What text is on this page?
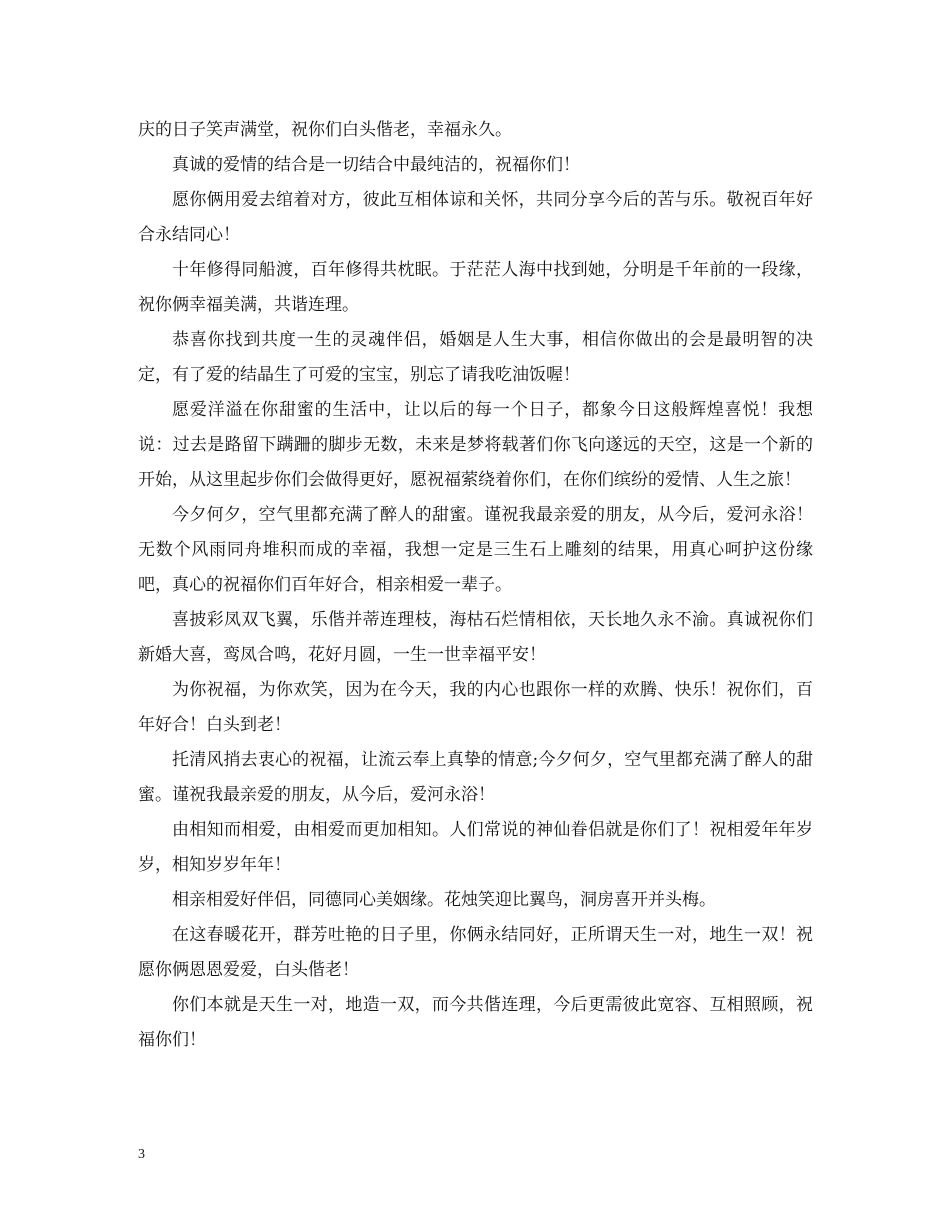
庆的日子笑声满堂，祝你们白头偕老，幸福永久。

真诚的爱情的结合是一切结合中最纯洁的，祝福你们！

愿你俩用爱去绾着对方，彼此互相体谅和关怀，共同分享今后的苦与乐。敬祝百年好合永结同心！

十年修得同船渡，百年修得共枕眠。于茫茫人海中找到她，分明是千年前的一段缘，祝你俩幸福美满，共谐连理。

恭喜你找到共度一生的灵魂伴侣，婚姻是人生大事，相信你做出的会是最明智的决定，有了爱的结晶生了可爱的宝宝，别忘了请我吃油饭喔！

愿爱洋溢在你甜蜜的生活中，让以后的每一个日子，都象今日这般辉煌喜悦！我想说：过去是路留下蹒跚的脚步无数，未来是梦将载著们你飞向遂远的天空，这是一个新的开始，从这里起步你们会做得更好，愿祝福萦绕着你们，在你们缤纷的爱情、人生之旅！

今夕何夕，空气里都充满了醉人的甜蜜。谨祝我最亲爱的朋友，从今后，爱河永浴！无数个风雨同舟堆积而成的幸福，我想一定是三生石上雕刻的结果，用真心呵护这份缘吧，真心的祝福你们百年好合，相亲相爱一辈子。

喜披彩凤双飞翼，乐偕并蒂连理枝，海枯石烂情相依，天长地久永不渝。真诚祝你们新婚大喜，鸾凤合鸣，花好月圆，一生一世幸福平安！

为你祝福，为你欢笑，因为在今天，我的内心也跟你一样的欢腾、快乐！祝你们，百年好合！白头到老！

托清风捎去衷心的祝福，让流云奉上真挚的情意;今夕何夕，空气里都充满了醉人的甜蜜。谨祝我最亲爱的朋友，从今后，爱河永浴！

由相知而相爱，由相爱而更加相知。人们常说的神仙眷侣就是你们了！祝相爱年年岁岁，相知岁岁年年！

相亲相爱好伴侣，同德同心美姻缘。花烛笑迎比翼鸟，洞房喜开并头梅。

在这春暖花开，群芳吐艳的日子里，你俩永结同好，正所谓天生一对，地生一双！祝愿你俩恩恩爱爱，白头偕老！

你们本就是天生一对，地造一双，而今共偕连理，今后更需彼此宽容、互相照顾，祝福你们！

3
